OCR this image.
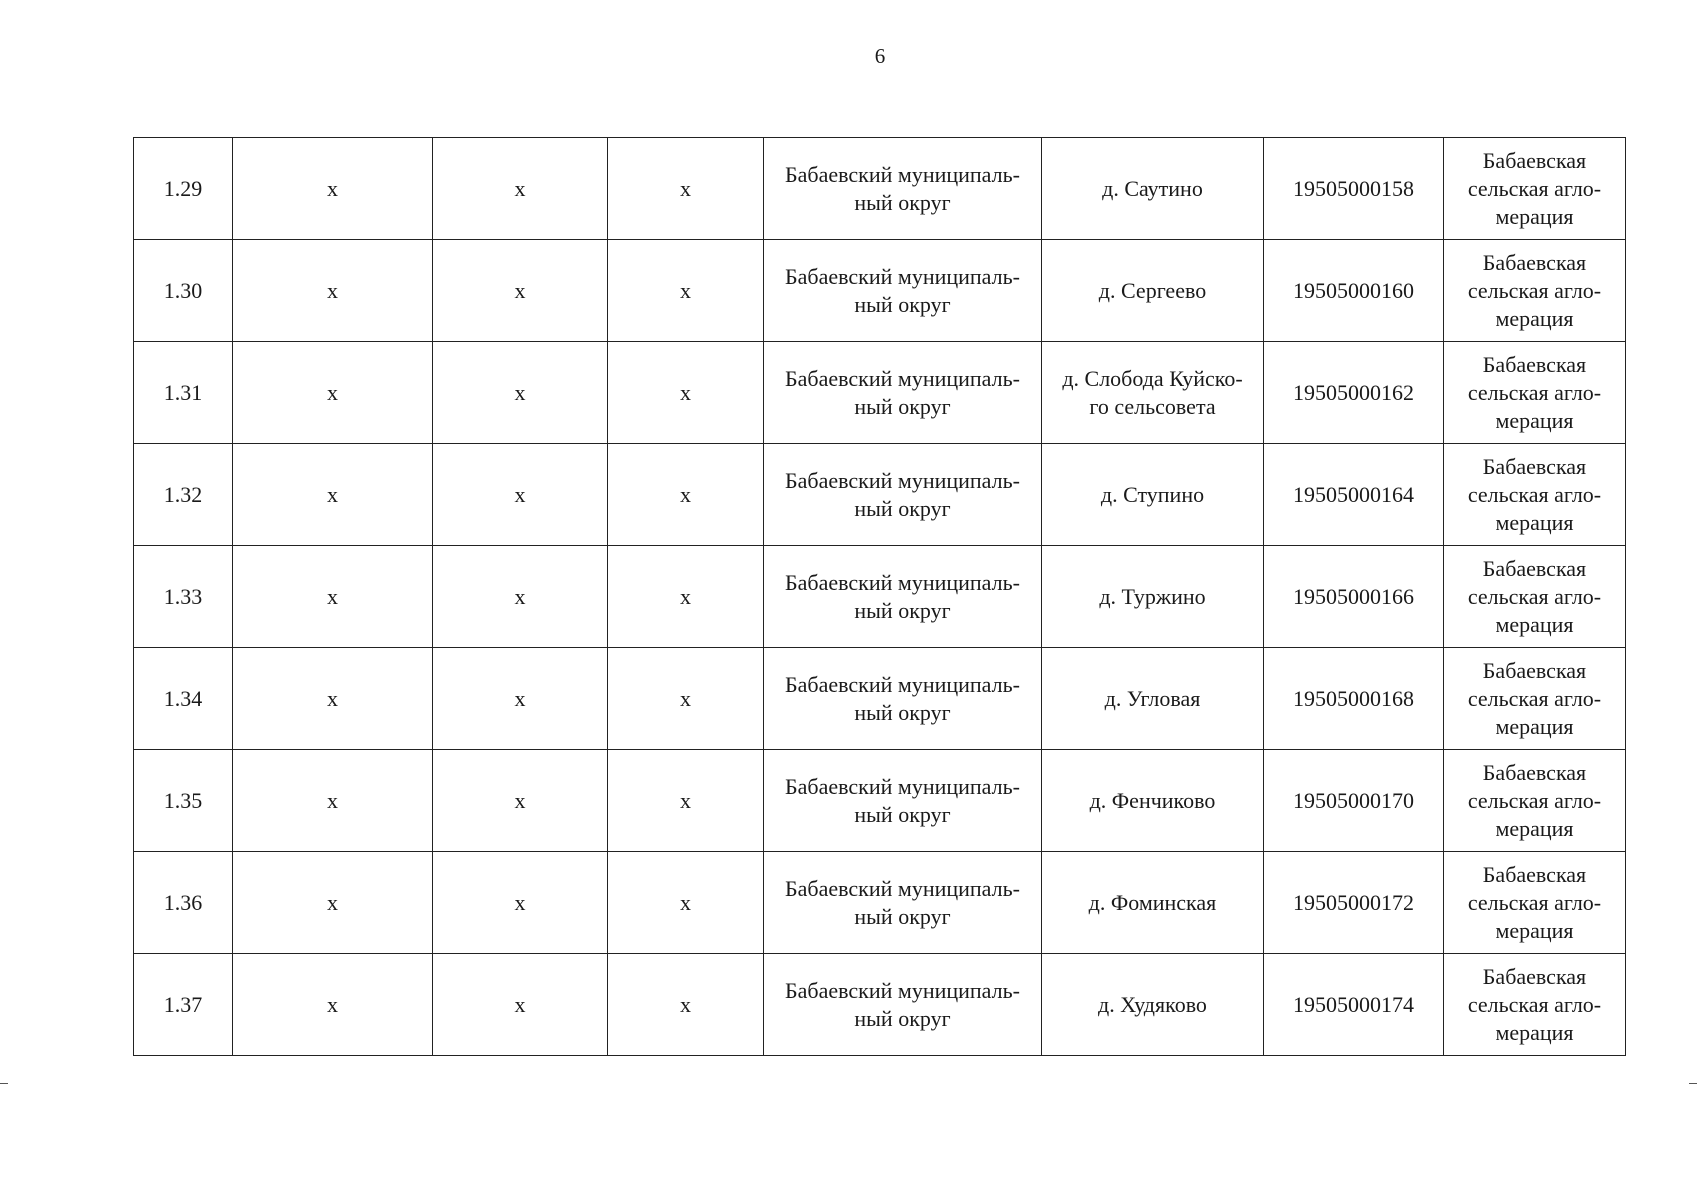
6
1.29	х	х	х	Бабаевский муниципаль-
ный округ	д. Саутино	19505000158	Бабаевская
сельская агло-
мерация
1.30	х	х	х	Бабаевский муниципаль-
ный округ	д. Сергеево	19505000160	Бабаевская
сельская агло-
мерация
1.31	х	х	х	Бабаевский муниципаль-
ный округ	д. Слобода Куйско-
го сельсовета	19505000162	Бабаевская
сельская агло-
мерация
1.32	х	х	х	Бабаевский муниципаль-
ный округ	д. Ступино	19505000164	Бабаевская
сельская агло-
мерация
1.33	х	х	х	Бабаевский муниципаль-
ный округ	д. Туржино	19505000166	Бабаевская
сельская агло-
мерация
1.34	х	х	х	Бабаевский муниципаль-
ный округ	д. Угловая	19505000168	Бабаевская
сельская агло-
мерация
1.35	х	х	х	Бабаевский муниципаль-
ный округ	д. Фенчиково	19505000170	Бабаевская
сельская агло-
мерация
1.36	х	х	х	Бабаевский муниципаль-
ный округ	д. Фоминская	19505000172	Бабаевская
сельская агло-
мерация
1.37	х	х	х	Бабаевский муниципаль-
ный округ	д. Худяково	19505000174	Бабаевская
сельская агло-
мерация
